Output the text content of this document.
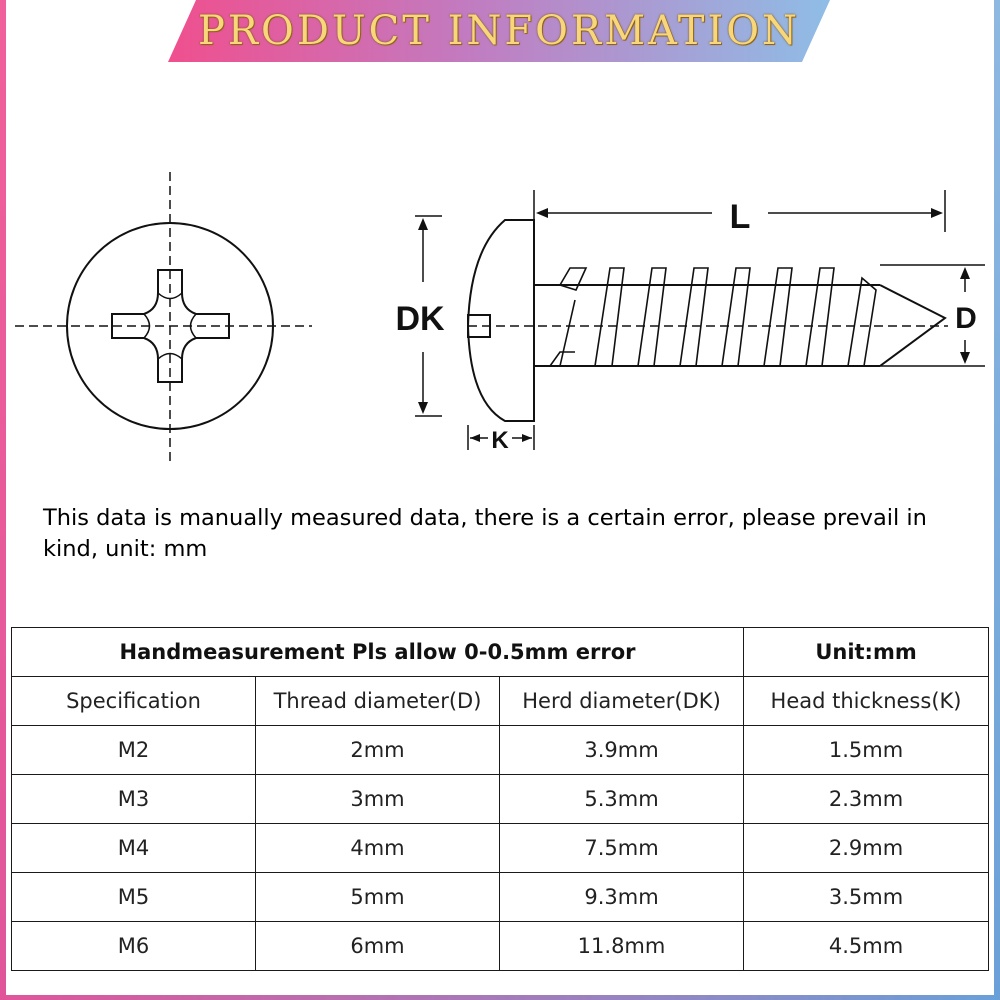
PRODUCT INFORMATION
L
DK	D
K
This data is manually measured data, there is a certain error, please prevail in kind, unit: mm
Handmeasurement Pls allow 0-0.5mm error			Unit:mm
Specification	Thread diameter(D)	Herd diameter(DK)	Head thickness(K)
M2	2mm	3.9mm	1.5mm
M3	3mm	5.3mm	2.3mm
M4	4mm	7.5mm	2.9mm
M5	5mm	9.3mm	3.5mm
M6	6mm	11.8mm	4.5mm
